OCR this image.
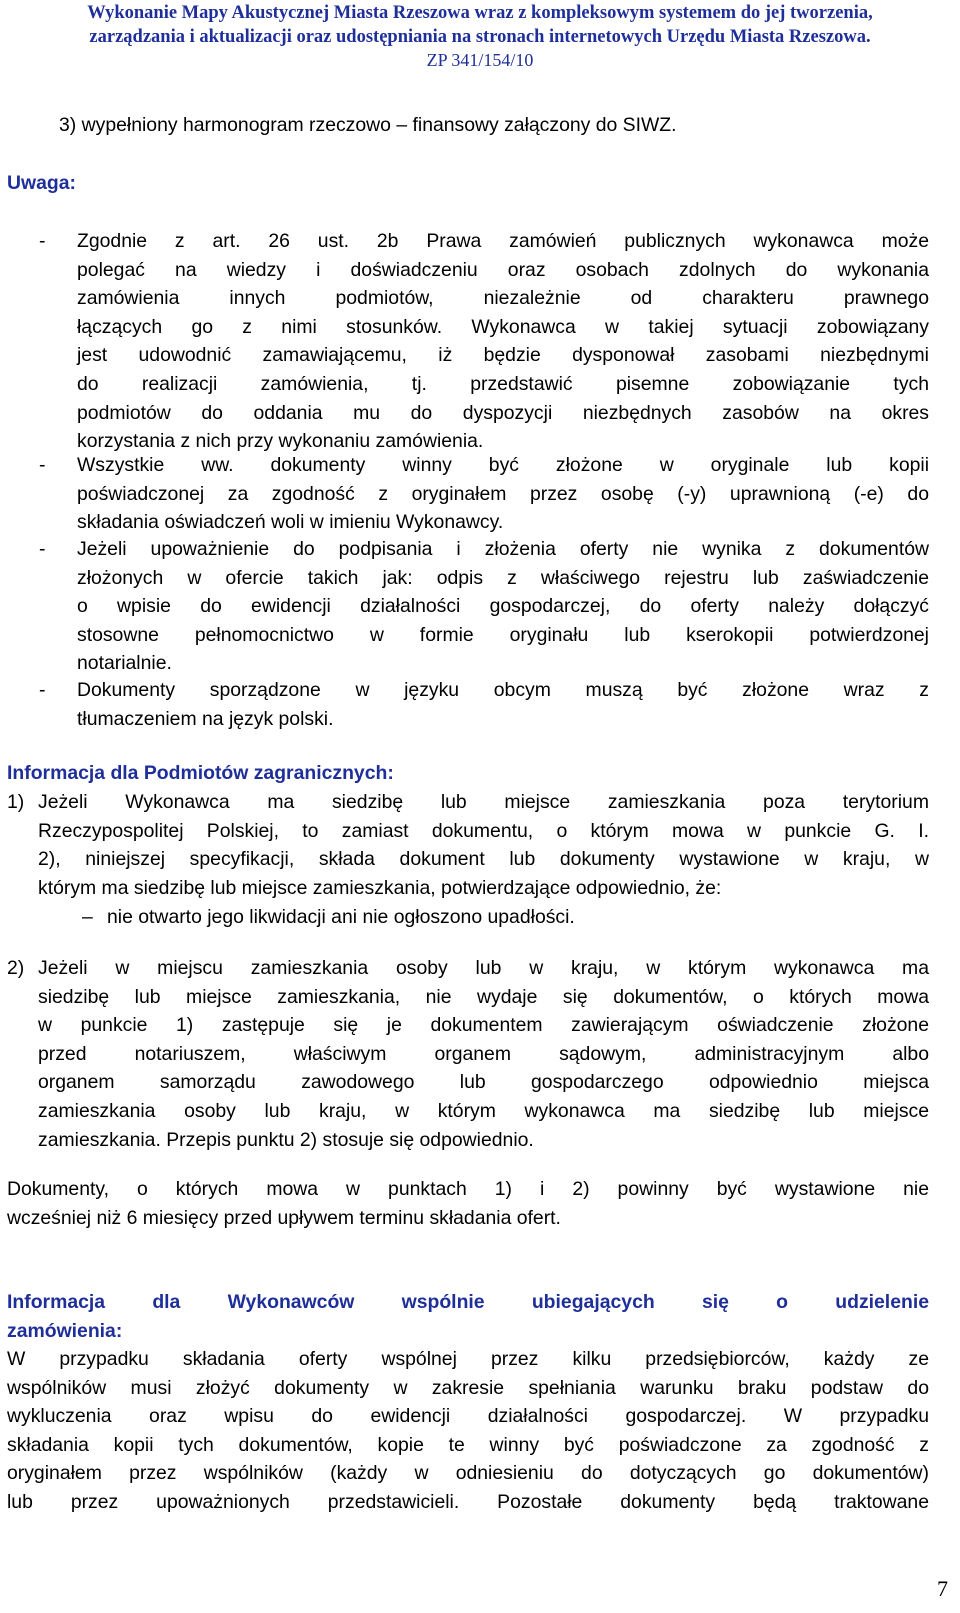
Wykonanie Mapy Akustycznej Miasta Rzeszowa wraz z kompleksowym systemem do jej tworzenia,
zarządzania i aktualizacji oraz udostępniania na stronach internetowych Urzędu Miasta Rzeszowa.
ZP 341/154/10
3) wypełniony harmonogram rzeczowo – finansowy załączony do SIWZ.
Uwaga:
- Zgodnie z art. 26 ust. 2b Prawa zamówień publicznych wykonawca może
polegać na wiedzy i doświadczeniu oraz osobach zdolnych do wykonania
zamówienia innych podmiotów, niezależnie od charakteru prawnego
łączących go z nimi stosunków. Wykonawca w takiej sytuacji zobowiązany
jest udowodnić zamawiającemu, iż będzie dysponował zasobami niezbędnymi
do realizacji zamówienia, tj. przedstawić pisemne zobowiązanie tych
podmiotów do oddania mu do dyspozycji niezbędnych zasobów na okres
korzystania z nich przy wykonaniu zamówienia.
- Wszystkie ww. dokumenty winny być złożone w oryginale lub kopii
poświadczonej za zgodność z oryginałem przez osobę (-y) uprawnioną (-e) do
składania oświadczeń woli w imieniu Wykonawcy.
- Jeżeli upoważnienie do podpisania i złożenia oferty nie wynika z dokumentów
złożonych w ofercie takich jak: odpis z właściwego rejestru lub zaświadczenie
o wpisie do ewidencji działalności gospodarczej, do oferty należy dołączyć
stosowne pełnomocnictwo w formie oryginału lub kserokopii potwierdzonej
notarialnie.
- Dokumenty sporządzone w języku obcym muszą być złożone wraz z
tłumaczeniem na język polski.
Informacja dla Podmiotów zagranicznych:
1) Jeżeli Wykonawca ma siedzibę lub miejsce zamieszkania poza terytorium
Rzeczypospolitej Polskiej, to zamiast dokumentu, o którym mowa w punkcie G. I.
2), niniejszej specyfikacji, składa dokument lub dokumenty wystawione w kraju, w
którym ma siedzibę lub miejsce zamieszkania, potwierdzające odpowiednio, że:
– nie otwarto jego likwidacji ani nie ogłoszono upadłości.
2) Jeżeli w miejscu zamieszkania osoby lub w kraju, w którym wykonawca ma
siedzibę lub miejsce zamieszkania, nie wydaje się dokumentów, o których mowa
w punkcie 1) zastępuje się je dokumentem zawierającym oświadczenie złożone
przed notariuszem, właściwym organem sądowym, administracyjnym albo
organem samorządu zawodowego lub gospodarczego odpowiednio miejsca
zamieszkania osoby lub kraju, w którym wykonawca ma siedzibę lub miejsce
zamieszkania. Przepis punktu 2) stosuje się odpowiednio.
Dokumenty, o których mowa w punktach 1) i 2) powinny być wystawione nie
wcześniej niż 6 miesięcy przed upływem terminu składania ofert.
Informacja dla Wykonawców wspólnie ubiegających się o udzielenie
zamówienia:
W przypadku składania oferty wspólnej przez kilku przedsiębiorców, każdy ze
wspólników musi złożyć dokumenty w zakresie spełniania warunku braku podstaw do
wykluczenia oraz wpisu do ewidencji działalności gospodarczej. W przypadku
składania kopii tych dokumentów, kopie te winny być poświadczone za zgodność z
oryginałem przez wspólników (każdy w odniesieniu do dotyczących go dokumentów)
lub przez upoważnionych przedstawicieli. Pozostałe dokumenty będą traktowane
7
